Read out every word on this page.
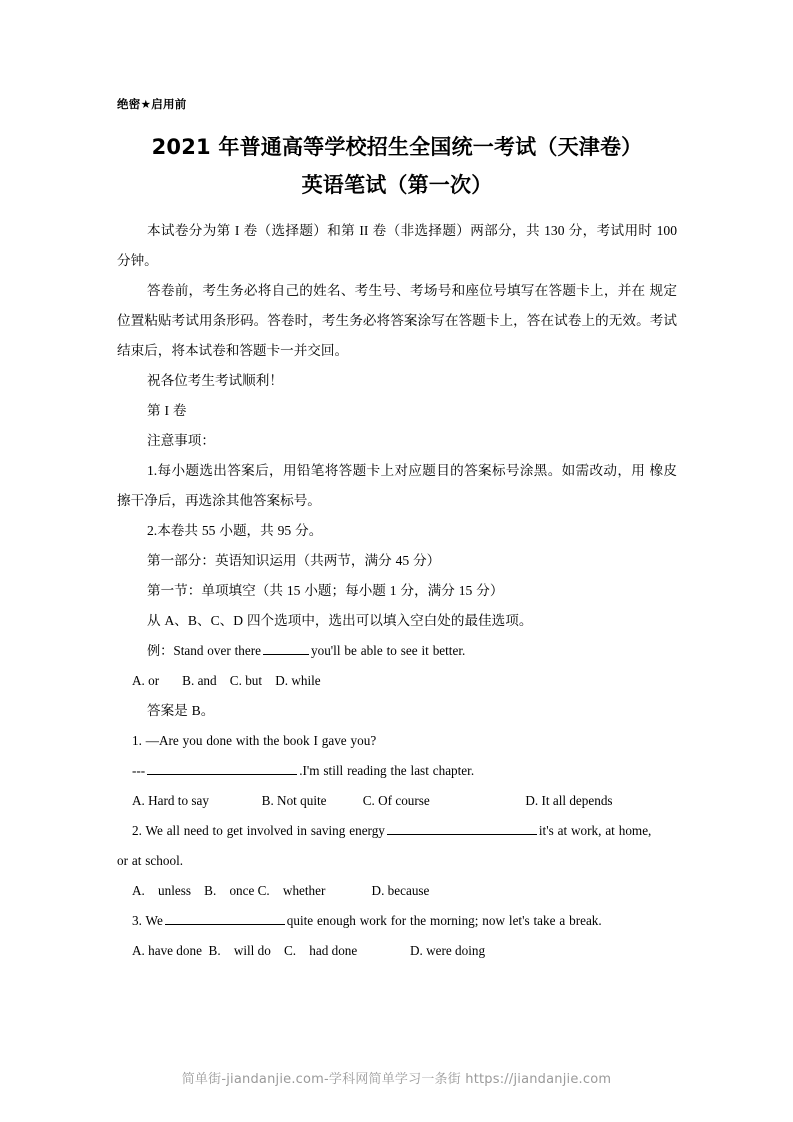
绝密★启用前
2021 年普通高等学校招生全国统一考试（天津卷）
英语笔试（第一次）

本试卷分为第 I 卷（选择题）和第 II 卷（非选择题）两部分，共 130 分，考试用时 100 分钟。

答卷前，考生务必将自己的姓名、考生号、考场号和座位号填写在答题卡上，并在 规定位置粘贴考试用条形码。答卷时，考生务必将答案涂写在答题卡上，答在试卷上的无效。考试结束后，将本试卷和答题卡一并交回。

祝各位考生考试顺利！

第 I 卷

注意事项：

1.每小题选出答案后，用铅笔将答题卡上对应题目的答案标号涂黑。如需改动，用 橡皮擦干净后，再选涂其他答案标号。

2.本卷共 55 小题，共 95 分。

第一部分：英语知识运用（共两节，满分 45 分）

第一节：单项填空（共 15 小题；每小题 1 分，满分 15 分）

从 A、B、C、D 四个选项中，选出可以填入空白处的最佳选项。

例：Stand over there	you'll be able to see it better.

A. or       B. and    C. but    D. while

答案是 B。

1. —Are you done with the book I gave you?

---	.I'm still reading the last chapter.

A. Hard to say                B. Not quite           C. Of course                             D. It all depends

2. We all need to get involved in saving energy	it's at work, at home,

or at school.

A.    unless    B.    once C.    whether              D. because

3. We	quite enough work for the morning; now let's take a break.

A. have done  B.    will do    C.    had done                D. were doing

简单街-jiandanjie.com-学科网简单学习一条街 https://jiandanjie.com
